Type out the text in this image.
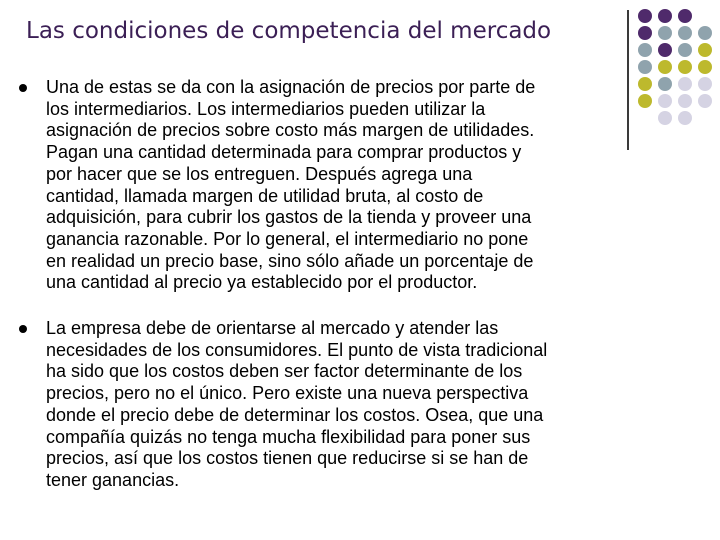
Las condiciones de competencia del mercado

Una de estas se da con la asignación de precios por parte de
los intermediarios. Los intermediarios pueden utilizar la
asignación de precios sobre costo más margen de utilidades.
Pagan una cantidad determinada para comprar productos y
por hacer que se los entreguen. Después agrega una
cantidad, llamada margen de utilidad bruta, al costo de
adquisición, para cubrir los gastos de la tienda y proveer una
ganancia razonable. Por lo general, el intermediario no pone
en realidad un precio base, sino sólo añade un porcentaje de
una cantidad al precio ya establecido por el productor.

La empresa debe de orientarse al mercado y atender las
necesidades de los consumidores. El punto de vista tradicional
ha sido que los costos deben ser factor determinante de los
precios, pero no el único. Pero existe una nueva perspectiva
donde el precio debe de determinar los costos. Osea, que una
compañía quizás no tenga mucha flexibilidad para poner sus
precios, así que los costos tienen que reducirse si se han de
tener ganancias.
